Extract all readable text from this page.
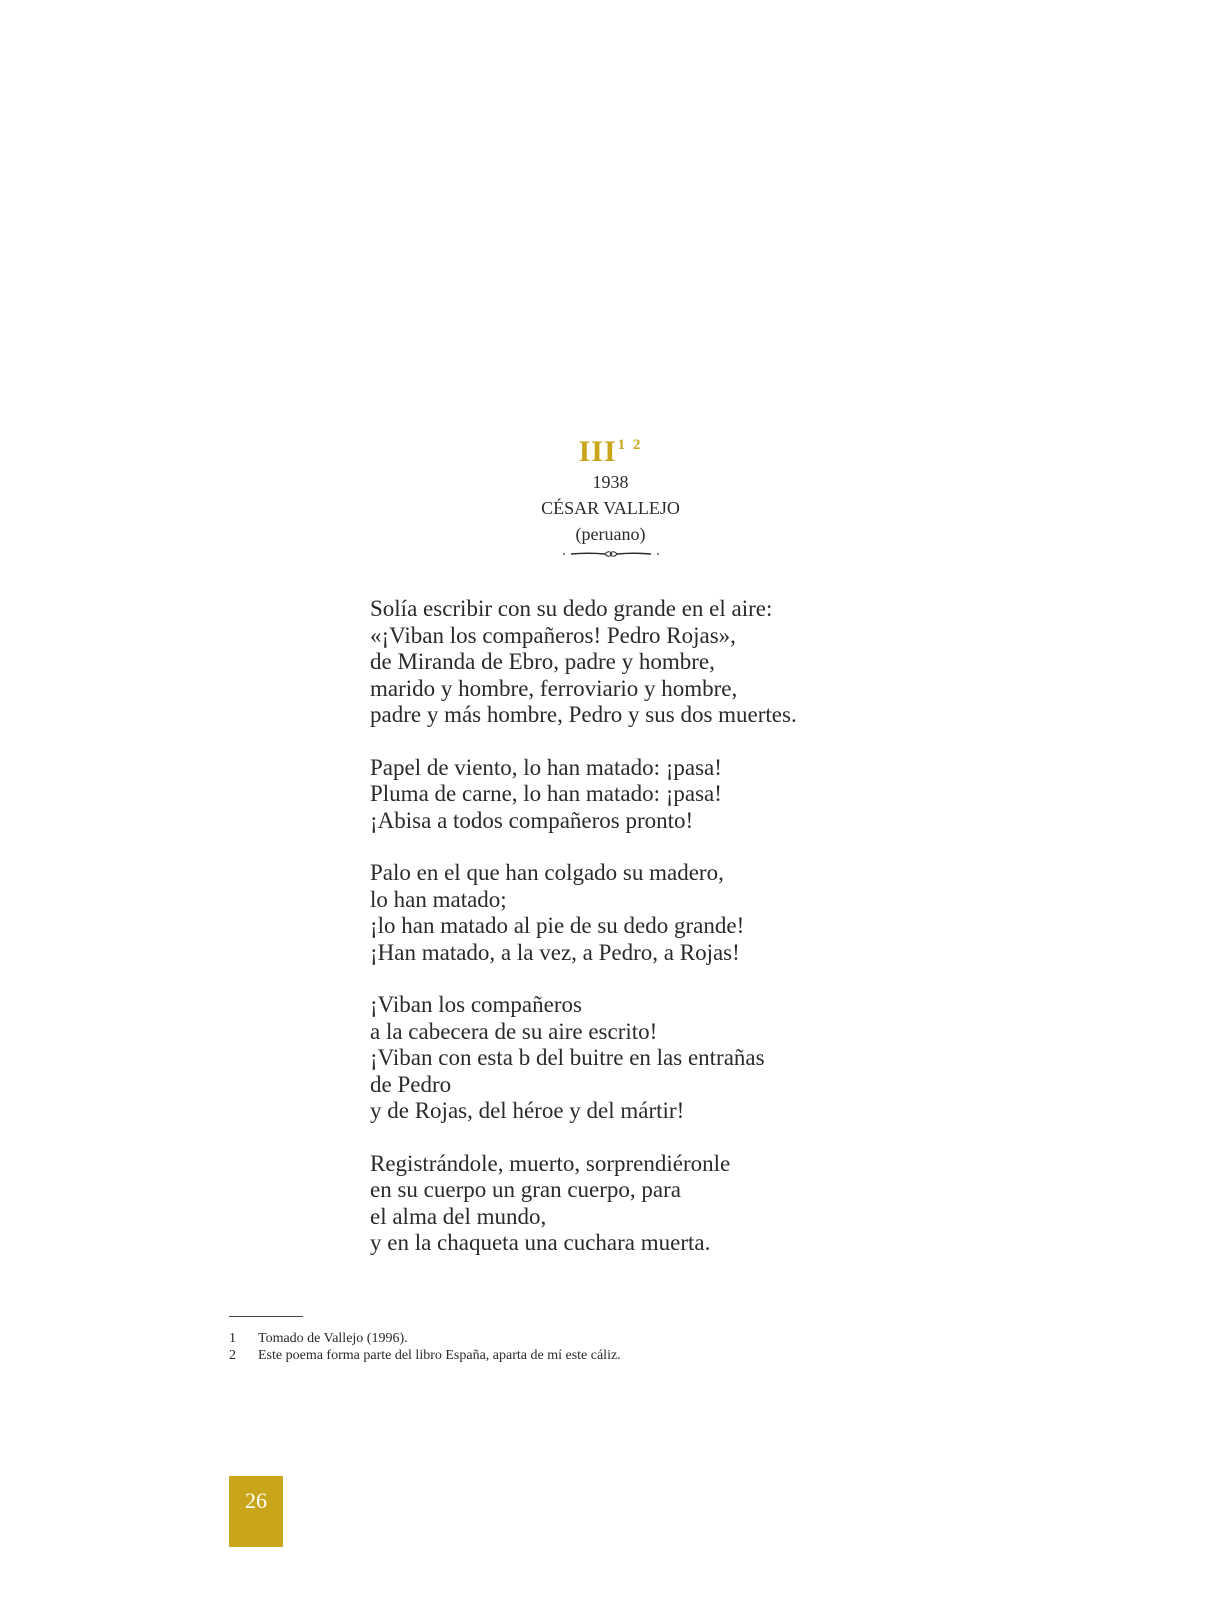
$III^{1 2}$
1938
CÉSAR VALLEJO
(peruano)
Solía escribir con su dedo grande en el aire:
«¡Viban los compañeros! Pedro Rojas»,
de Miranda de Ebro, padre y hombre,
marido y hombre, ferroviario y hombre,
padre y más hombre, Pedro y sus dos muertes.
Papel de viento, lo han matado: ¡pasa!
Pluma de carne, lo han matado: ¡pasa!
¡Abisa a todos compañeros pronto!
Palo en el que han colgado su madero,
lo han matado;
¡lo han matado al pie de su dedo grande!
¡Han matado, a la vez, a Pedro, a Rojas!
¡Viban los compañeros
a la cabecera de su aire escrito!
¡Viban con esta b del buitre en las entrañas
de Pedro
y de Rojas, del héroe y del mártir!
Registrándole, muerto, sorprendiéronle
en su cuerpo un gran cuerpo, para
el alma del mundo,
y en la chaqueta una cuchara muerta.
1	Tomado de Vallejo (1996).
2	Este poema forma parte del libro España, aparta de mí este cáliz.
26
